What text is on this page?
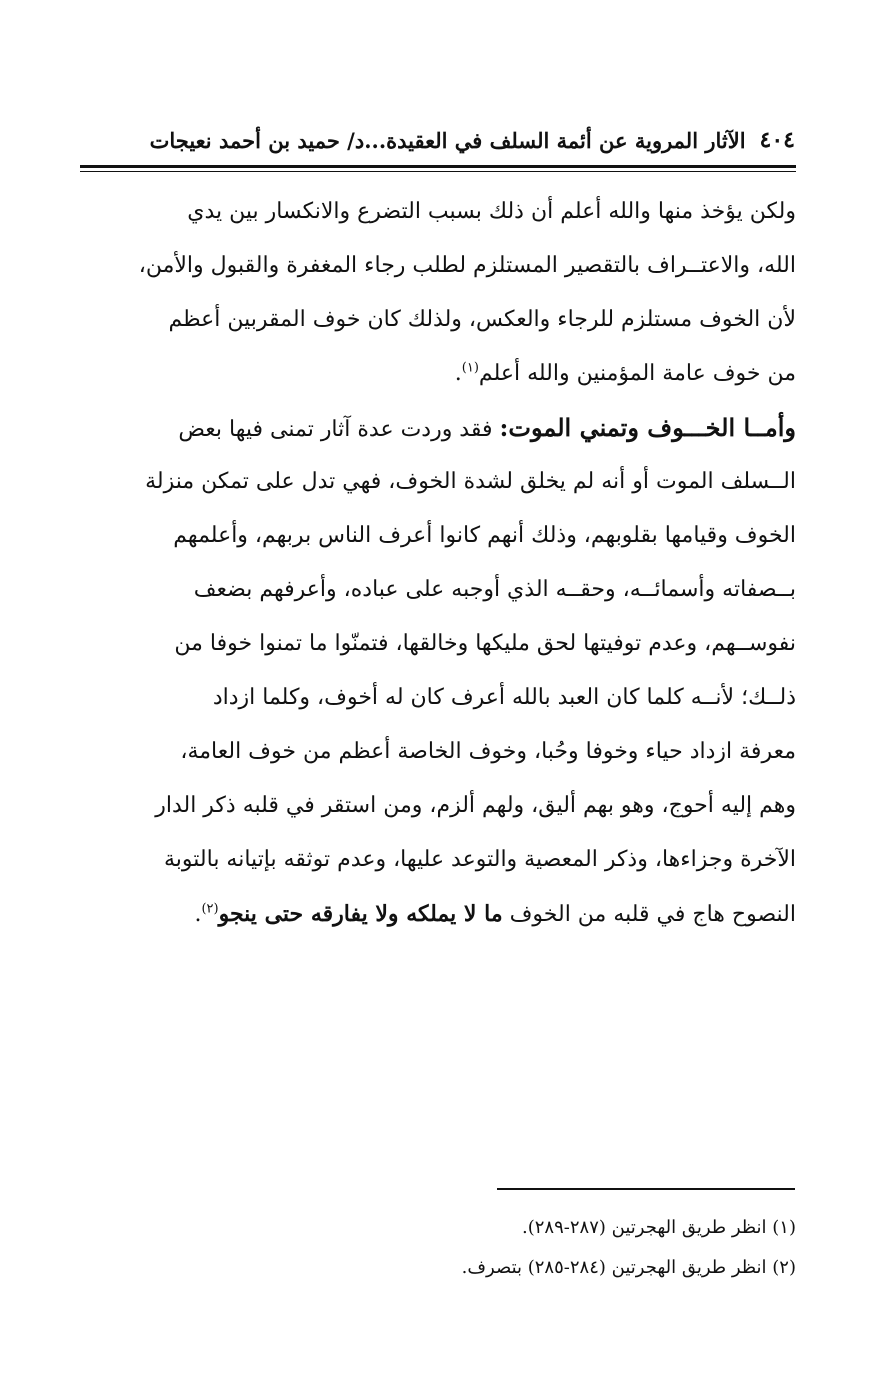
٤٠٤
الآثار المروية عن أئمة السلف في العقيدة...د/ حميد بن أحمد نعيجات
ولكن يؤخذ منها والله أعلم أن ذلك بسبب التضرع والانكسار بين يدي
الله، والاعتــراف بالتقصير المستلزم لطلب رجاء المغفرة والقبول والأمن،
لأن الخوف مستلزم للرجاء والعكس، ولذلك كان خوف المقربين أعظم
من خوف عامة المؤمنين والله أعلم$^{(١)}$.
وأمــا الخـــوف وتمني الموت: فقد وردت عدة آثار تمنى فيها بعض
الــسلف الموت أو أنه لم يخلق لشدة الخوف، فهي تدل على تمكن منزلة
الخوف وقيامها بقلوبهم، وذلك أنهم كانوا أعرف الناس بربهم، وأعلمهم
بــصفاته وأسمائــه، وحقــه الذي أوجبه على عباده، وأعرفهم بضعف
نفوســهم، وعدم توفيتها لحق مليكها وخالقها، فتمنّوا ما تمنوا خوفا من
ذلــك؛ لأنــه كلما كان العبد بالله أعرف كان له أخوف، وكلما ازداد
معرفة ازداد حياء وخوفا وحُبا، وخوف الخاصة أعظم من خوف العامة،
وهم إليه أحوج، وهو بهم أليق، ولهم ألزم، ومن استقر في قلبه ذكر الدار
الآخرة وجزاءها، وذكر المعصية والتوعد عليها، وعدم توثقه بإتيانه بالتوبة
النصوح هاج في قلبه من الخوف ما لا يملكه ولا يفارقه حتى ينجو$^{(٢)}$.
(١) انظر طريق الهجرتين (٢٨٧-٢٨٩).
(٢) انظر طريق الهجرتين (٢٨٤-٢٨٥) بتصرف.
